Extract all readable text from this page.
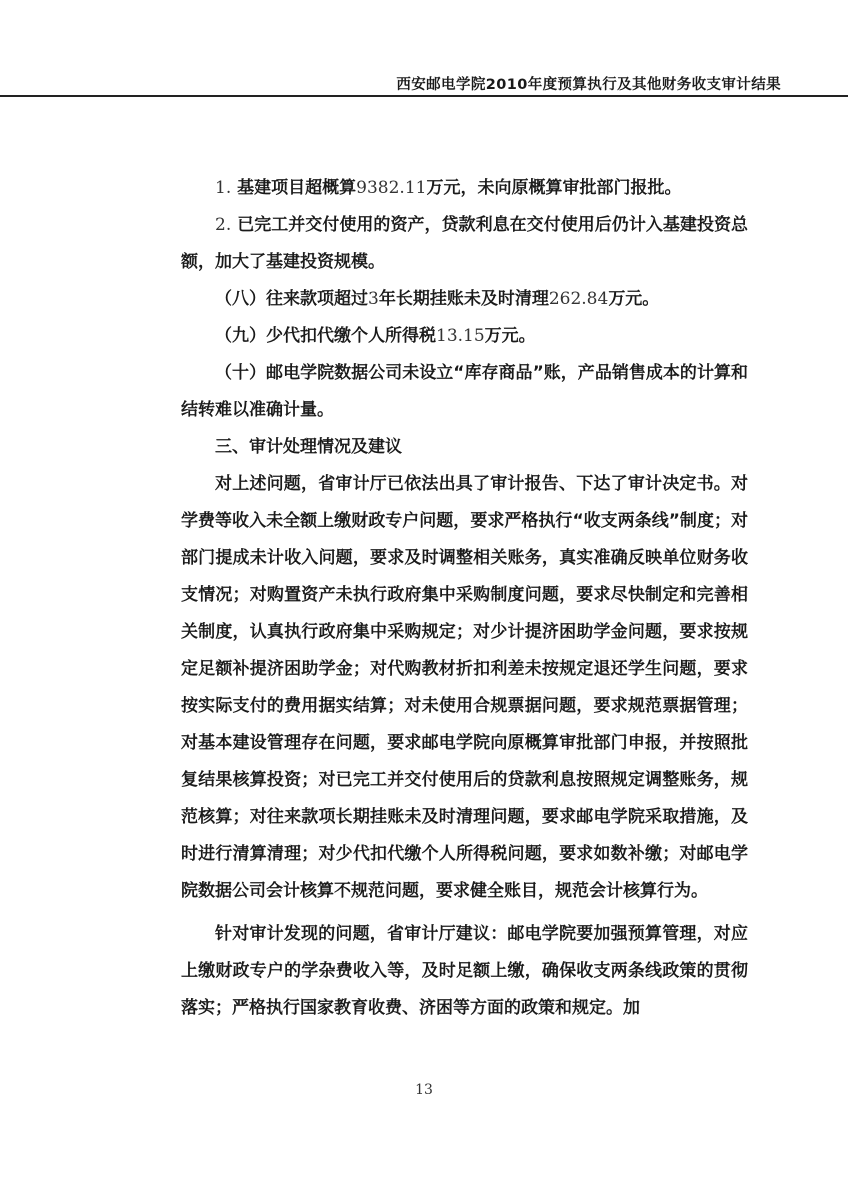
西安邮电学院2010年度预算执行及其他财务收支审计结果

1. 基建项目超概算9382.11万元，未向原概算审批部门报批。

2. 已完工并交付使用的资产，贷款利息在交付使用后仍计入基建投资总额，加大了基建投资规模。

（八）往来款项超过3年长期挂账未及时清理262.84万元。

（九）少代扣代缴个人所得税13.15万元。

（十）邮电学院数据公司未设立“库存商品”账，产品销售成本的计算和结转难以准确计量。

三、审计处理情况及建议

对上述问题，省审计厅已依法出具了审计报告、下达了审计决定书。对学费等收入未全额上缴财政专户问题，要求严格执行“收支两条线”制度；对部门提成未计收入问题，要求及时调整相关账务，真实准确反映单位财务收支情况；对购置资产未执行政府集中采购制度问题，要求尽快制定和完善相关制度，认真执行政府集中采购规定；对少计提济困助学金问题，要求按规定足额补提济困助学金；对代购教材折扣利差未按规定退还学生问题，要求按实际支付的费用据实结算；对未使用合规票据问题，要求规范票据管理；对基本建设管理存在问题，要求邮电学院向原概算审批部门申报，并按照批复结果核算投资；对已完工并交付使用后的贷款利息按照规定调整账务，规范核算；对往来款项长期挂账未及时清理问题，要求邮电学院采取措施，及时进行清算清理；对少代扣代缴个人所得税问题，要求如数补缴；对邮电学院数据公司会计核算不规范问题，要求健全账目，规范会计核算行为。

针对审计发现的问题，省审计厅建议：邮电学院要加强预算管理，对应上缴财政专户的学杂费收入等，及时足额上缴，确保收支两条线政策的贯彻落实；严格执行国家教育收费、济困等方面的政策和规定。加

13
